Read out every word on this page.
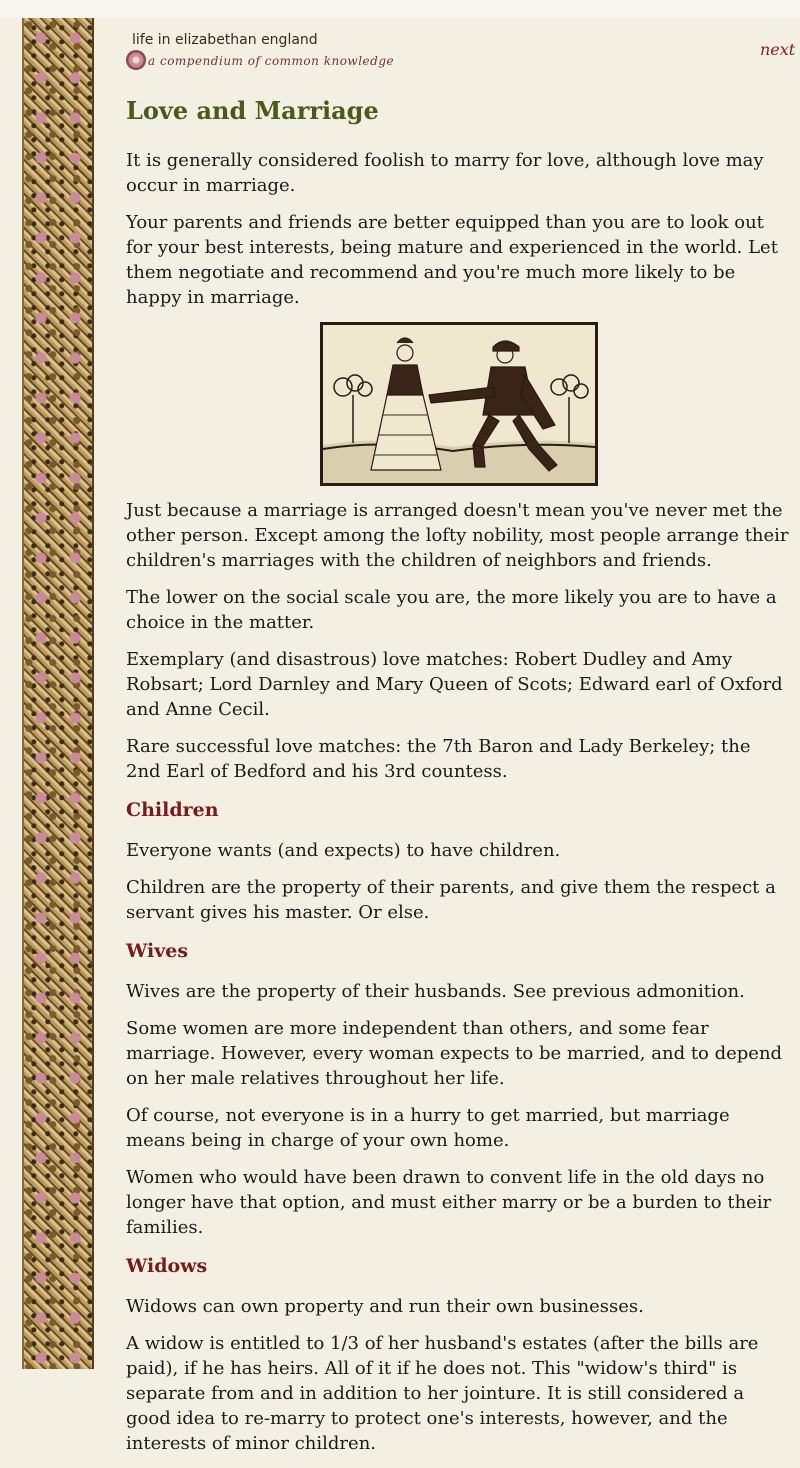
life in elizabethan england
a compendium of common knowledge
next
Love and Marriage

It is generally considered foolish to marry for love, although love may occur in marriage.

Your parents and friends are better equipped than you are to look out for your best interests, being mature and experienced in the world. Let them negotiate and recommend and you're much more likely to be happy in marriage.

Just because a marriage is arranged doesn't mean you've never met the other person. Except among the lofty nobility, most people arrange their children's marriages with the children of neighbors and friends.

The lower on the social scale you are, the more likely you are to have a choice in the matter.

Exemplary (and disastrous) love matches: Robert Dudley and Amy Robsart; Lord Darnley and Mary Queen of Scots; Edward earl of Oxford and Anne Cecil.

Rare successful love matches: the 7th Baron and Lady Berkeley; the 2nd Earl of Bedford and his 3rd countess.

Children

Everyone wants (and expects) to have children.

Children are the property of their parents, and give them the respect a servant gives his master. Or else.

Wives

Wives are the property of their husbands. See previous admonition.

Some women are more independent than others, and some fear marriage. However, every woman expects to be married, and to depend on her male relatives throughout her life.

Of course, not everyone is in a hurry to get married, but marriage means being in charge of your own home.

Women who would have been drawn to convent life in the old days no longer have that option, and must either marry or be a burden to their families.

Widows

Widows can own property and run their own businesses.

A widow is entitled to 1/3 of her husband's estates (after the bills are paid), if he has heirs. All of it if he does not. This "widow's third" is separate from and in addition to her jointure. It is still considered a good idea to re-marry to protect one's interests, however, and the interests of minor children.
